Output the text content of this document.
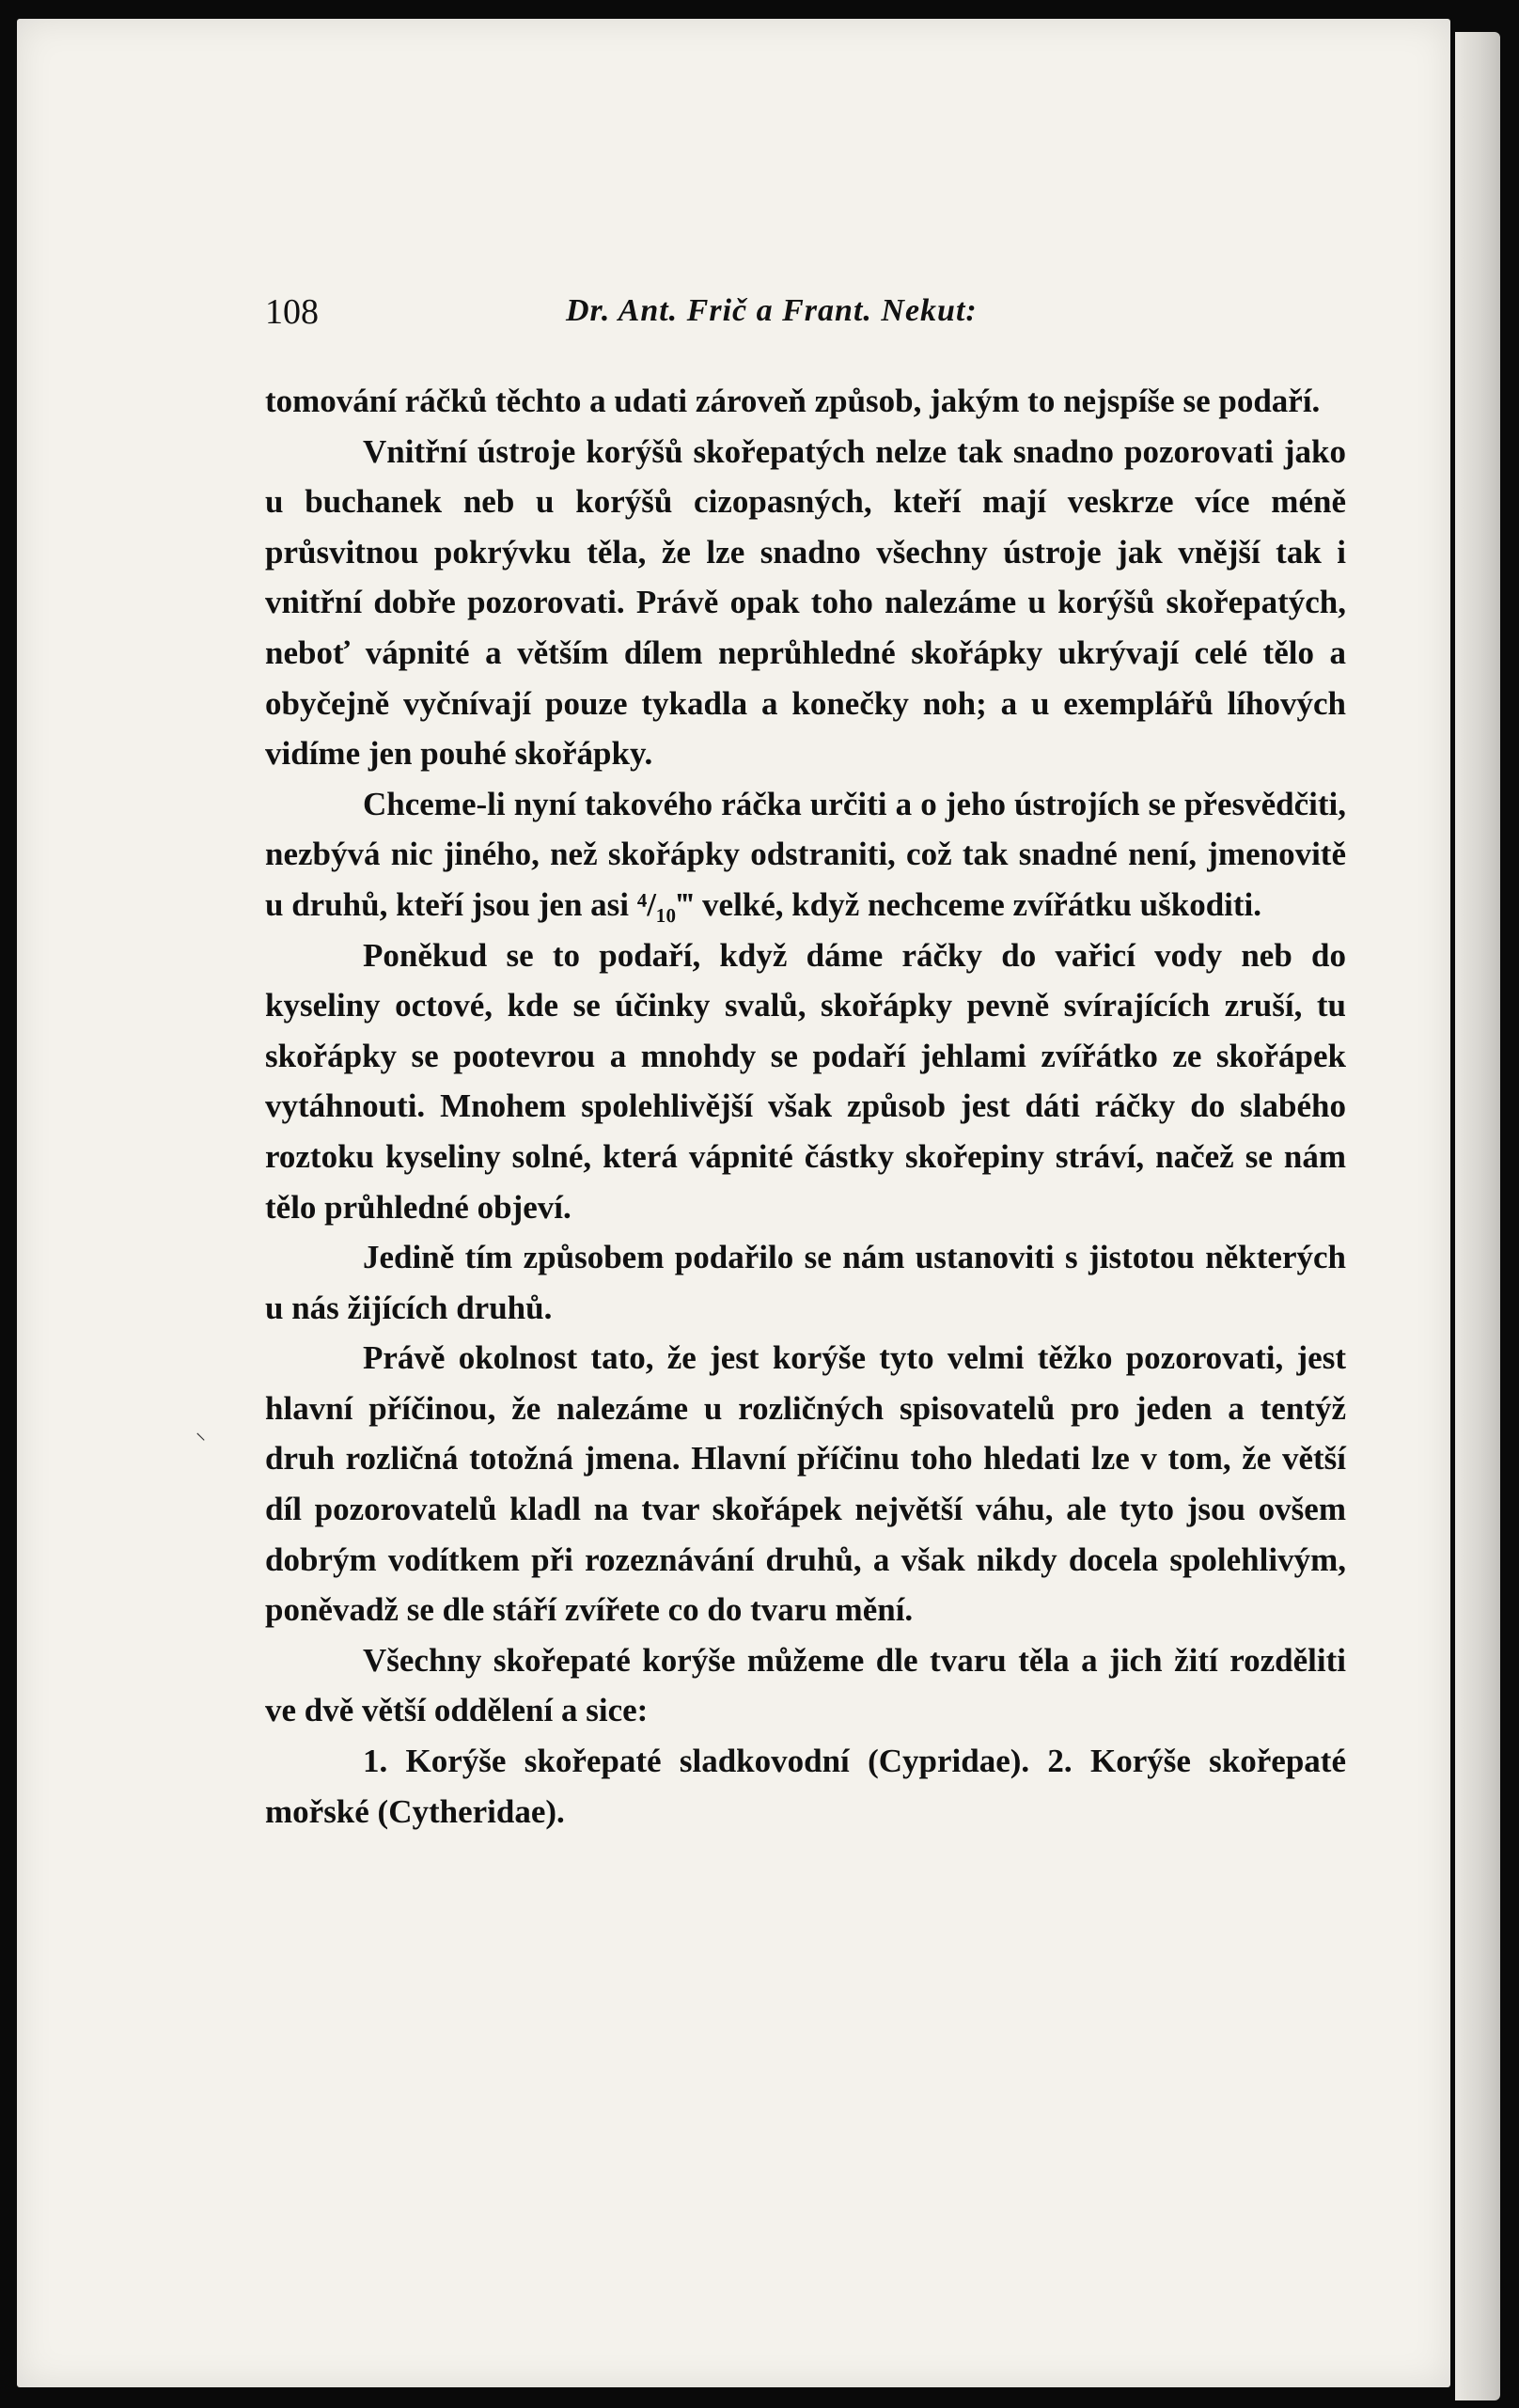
108	Dr. Ant. Frič a Frant. Nekut:

tomování ráčků těchto a udati zároveň způsob, jakým to nejspíše se podaří.

Vnitřní ústroje korýšů skořepatých nelze tak snadno pozorovati jako u buchanek neb u korýšů cizopasných, kteří mají veskrze více méně průsvitnou pokrývku těla, že lze snadno všechny ústroje jak vnější tak i vnitřní dobře pozorovati. Právě opak toho nalezáme u korýšů skořepatých, neboť vápnité a větším dílem neprůhledné skořápky ukrývají celé tělo a obyčejně vyčnívají pouze tykadla a konečky noh; a u exemplářů líhových vidíme jen pouhé skořápky.

Chceme-li nyní takového ráčka určiti a o jeho ústrojích se přesvědčiti, nezbývá nic jiného, než skořápky odstraniti, což tak snadné není, jmenovitě u druhů, kteří jsou jen asi ⁴/₁₀‴ velké, když nechceme zvířátku uškoditi.

Poněkud se to podaří, když dáme ráčky do vařicí vody neb do kyseliny octové, kde se účinky svalů, skořápky pevně svírajících zruší, tu skořápky se pootevrou a mnohdy se podaří jehlami zvířátko ze skořápek vytáhnouti. Mnohem spolehlivější však způsob jest dáti ráčky do slabého roztoku kyseliny solné, která vápnité částky skořepiny stráví, načež se nám tělo průhledné objeví.

Jedině tím způsobem podařilo se nám ustanoviti s jistotou některých u nás žijících druhů.

Právě okolnost tato, že jest korýše tyto velmi těžko pozorovati, jest hlavní příčinou, že nalezáme u rozličných spisovatelů pro jeden a tentýž druh rozličná totožná jmena. Hlavní příčinu toho hledati lze v tom, že větší díl pozorovatelů kladl na tvar skořápek největší váhu, ale tyto jsou ovšem dobrým vodítkem při rozeznávání druhů, a však nikdy docela spolehlivým, poněvadž se dle stáří zvířete co do tvaru mění.

Všechny skořepaté korýše můžeme dle tvaru těla a jich žití rozděliti ve dvě větší oddělení a sice:

1. Korýše skořepaté sladkovodní (Cypridae). 2. Korýše skořepaté mořské (Cytheridae).

⸜
